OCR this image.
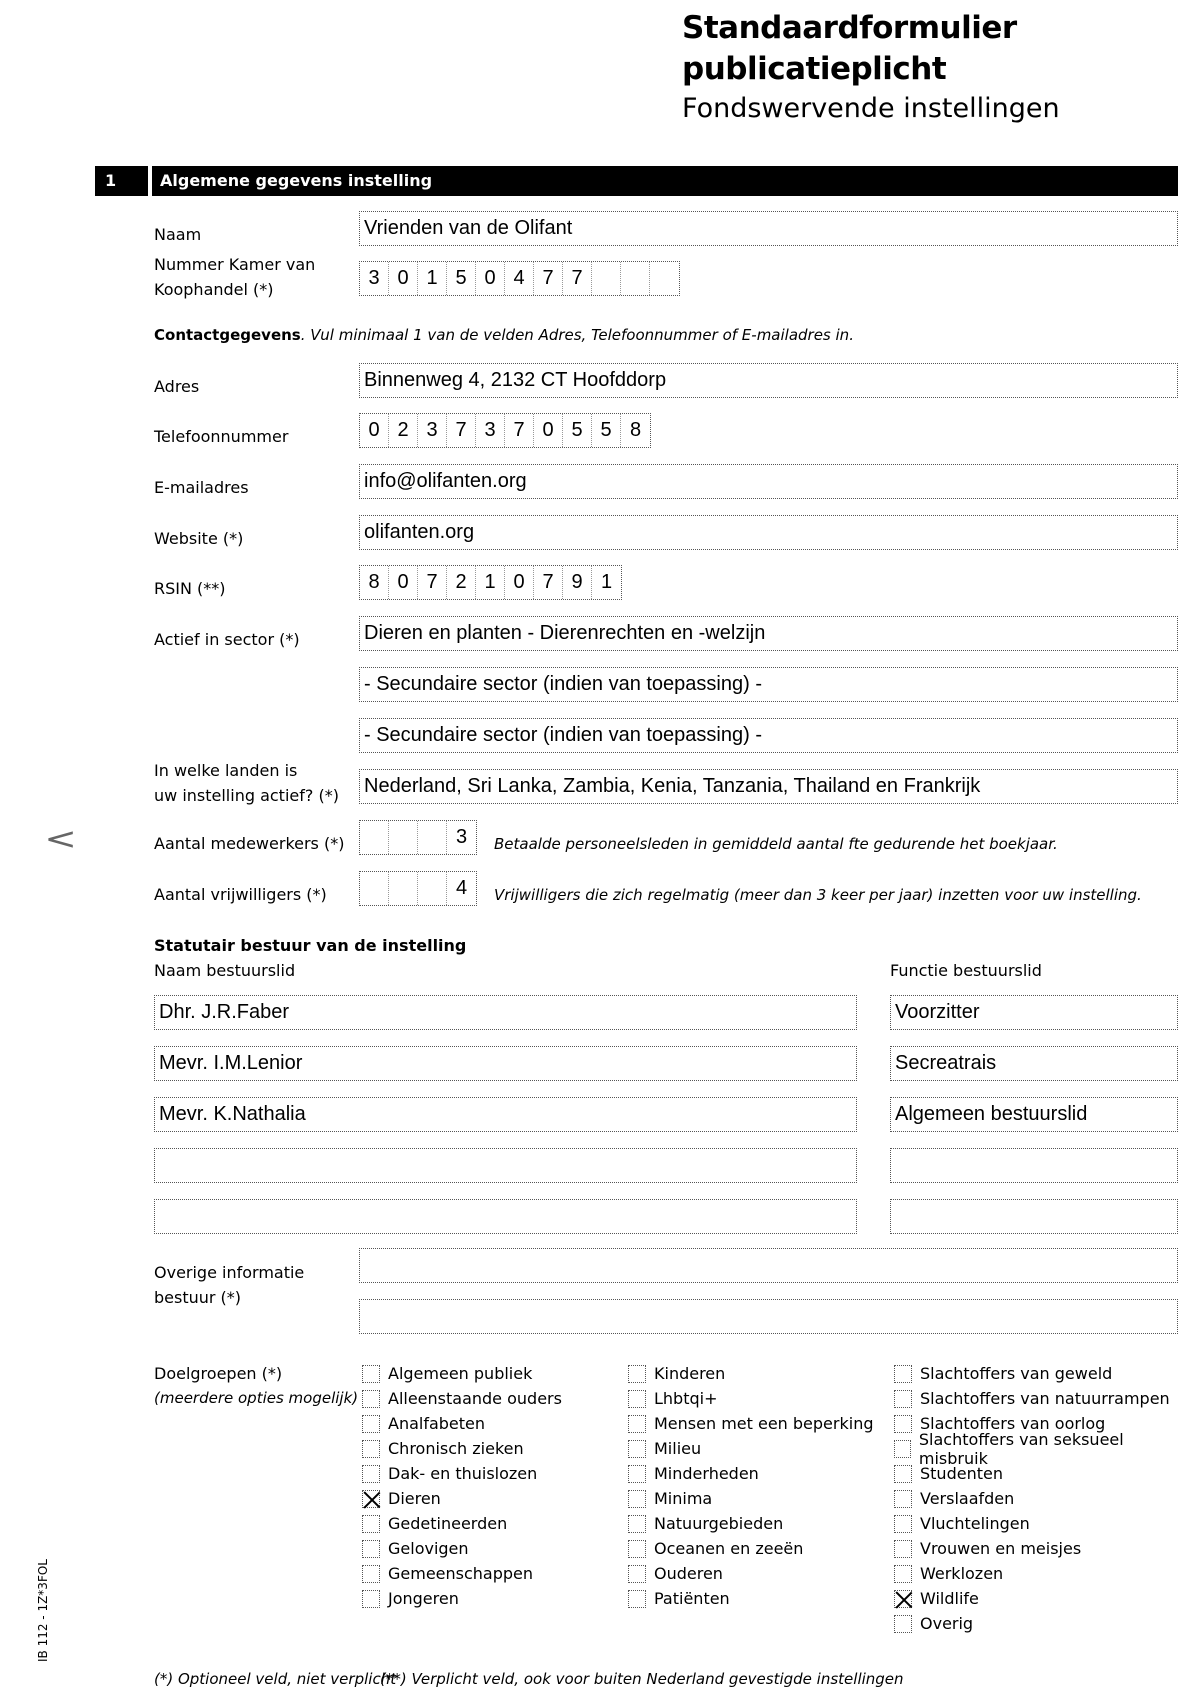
Standaardformulier
publicatieplicht
Fondswervende instellingen
1	Algemene gegevens instelling
Naam	Vrienden van de Olifant
Nummer Kamer van
Koophandel (*)
3 0 1 5 0 4 7 7
Contactgegevens. Vul minimaal 1 van de velden Adres, Telefoonnummer of E-mailadres in.
Adres	Binnenweg 4, 2132 CT Hoofddorp
Telefoonnummer	0 2 3 7 3 7 0 5 5 8
E-mailadres	info@olifanten.org
Website (*)	olifanten.org
RSIN (**)	8 0 7 2 1 0 7 9 1
Actief in sector (*)	Dieren en planten - Dierenrechten en -welzijn
- Secundaire sector (indien van toepassing) -
- Secundaire sector (indien van toepassing) -
In welke landen is
uw instelling actief? (*) Nederland, Sri Lanka, Zambia, Kenia, Tanzania, Thailand en Frankrijk
<	Aantal medewerkers (*)	3	Betaalde personeelsleden in gemiddeld aantal fte gedurende het boekjaar.
Aantal vrijwilligers (*)	4	Vrijwilligers die zich regelmatig (meer dan 3 keer per jaar) inzetten voor uw instelling.
Statutair bestuur van de instelling
Naam bestuurslid	Functie bestuurslid
Dhr. J.R.Faber	Voorzitter
Mevr. I.M.Lenior	Secreatrais
Mevr. K.Nathalia	Algemeen bestuurslid
Overige informatie
bestuur (*)
Doelgroepen (*)
(meerdere opties mogelijk)
Algemeen publiek
Alleenstaande ouders
Analfabeten
Chronisch zieken
Dak- en thuislozen
Dieren
Gedetineerden
Gelovigen
Gemeenschappen
Jongeren
Kinderen
Lhbtqi+
Mensen met een beperking
Milieu
Minderheden
Minima
Natuurgebieden
Oceanen en zeeën
Ouderen
Patiënten
Slachtoffers van geweld
Slachtoffers van natuurrampen
Slachtoffers van oorlog
Slachtoffers van seksueel misbruik
Studenten
Verslaafden
Vluchtelingen
Vrouwen en meisjes
Werklozen
Wildlife
Overig
(*) Optioneel veld, niet verplicht
(**) Verplicht veld, ook voor buiten Nederland gevestigde instellingen
IB 112 - 1Z*3FOL
